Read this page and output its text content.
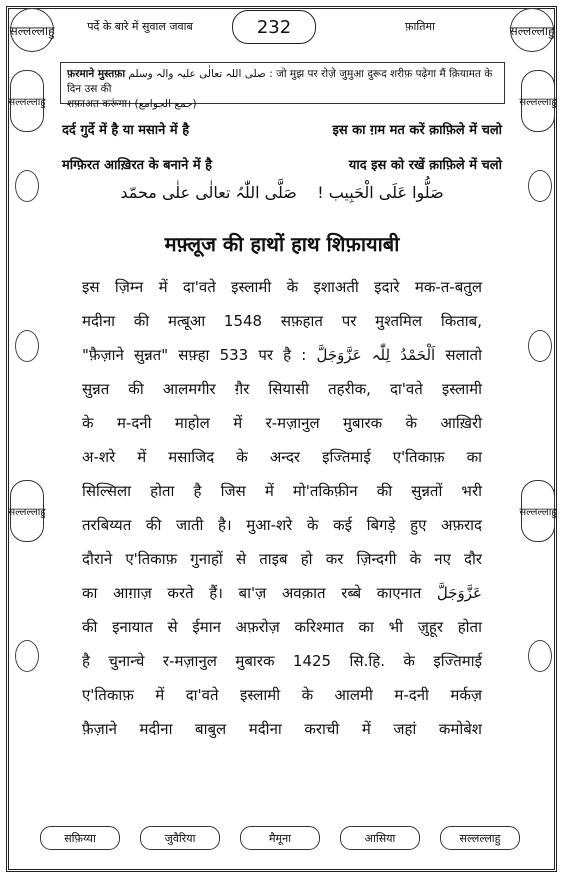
पर्दे के बारे में सुवाल जवाब	232	फ़ातिमा
सल्लल्लाहु	सल्लल्लाहु
सल्लल्लाहु
सल्लल्लाहु
सल्लल्लाहु
सल्लल्लाहु
फ़रमाने मुस्तफ़ा صلی اللہ تعالٰی علیہ والہ وسلم : जो मुझ पर रोज़े जुमुआ दुरूद शरीफ़ पढ़ेगा मैं क़ियामत के दिन उस की
शफ़ाअत करूंगा। (جمع الجوامع)
दर्द गुर्दे में है या मसाने में है	इस का ग़म मत करें क़ाफ़िले में चलो
मग्फ़िरत आख़िरत के बनाने में है	याद इस को रखें क़ाफ़िले में चलो
صَلُّوا عَلَی الْحَبِیب !    صَلَّی اللّٰہُ تعالٰی علٰی محمّد
मफ़्लूज की हाथों हाथ शिफ़ायाबी

इस ज़िम्न में दा'वते इस्लामी के इशाअती इदारे मक-त-बतुल

मदीना की मत्बूआ 1548 सफ़हात पर मुश्तमिल किताब,

"फ़ैज़ाने सुन्नत" सफ़्हा 533 पर है : اَلْحَمْدُ لِلّٰہ عَزَّوَجَلَّ सलातो

सुन्नत की आलमगीर ग़ैर सियासी तहरीक, दा'वते इस्लामी

के म-दनी माहोल में र-मज़ानुल मुबारक के आख़िरी

अ-शरे में मसाजिद के अन्दर इज्तिमाई ए'तिकाफ़ का

सिल्सिला होता है जिस में मो'तकिफ़ीन की सुन्नतों भरी

तरबिय्यत की जाती है। मुआ-शरे के कई बिगड़े हुए अफ़राद

दौराने ए'तिकाफ़ गुनाहों से ताइब हो कर ज़िन्दगी के नए दौर

का आग़ाज़ करते हैं। बा'ज़ अवक़ात रब्बे काएनात عَزَّوَجَلَّ

की इनायात से ईमान अफ़रोज़ करिश्मात का भी ज़ुहूर होता

है चुनान्चे र-मज़ानुल मुबारक 1425 सि.हि. के इज्तिमाई

ए'तिकाफ़ में दा'वते इस्लामी के आलमी म-दनी मर्कज़

फ़ैज़ाने मदीना बाबुल मदीना कराची में जहां कमोबेश

सफ़िय्या	जुवैरिया	मैमूना	आसिया	सल्लल्लाहु
